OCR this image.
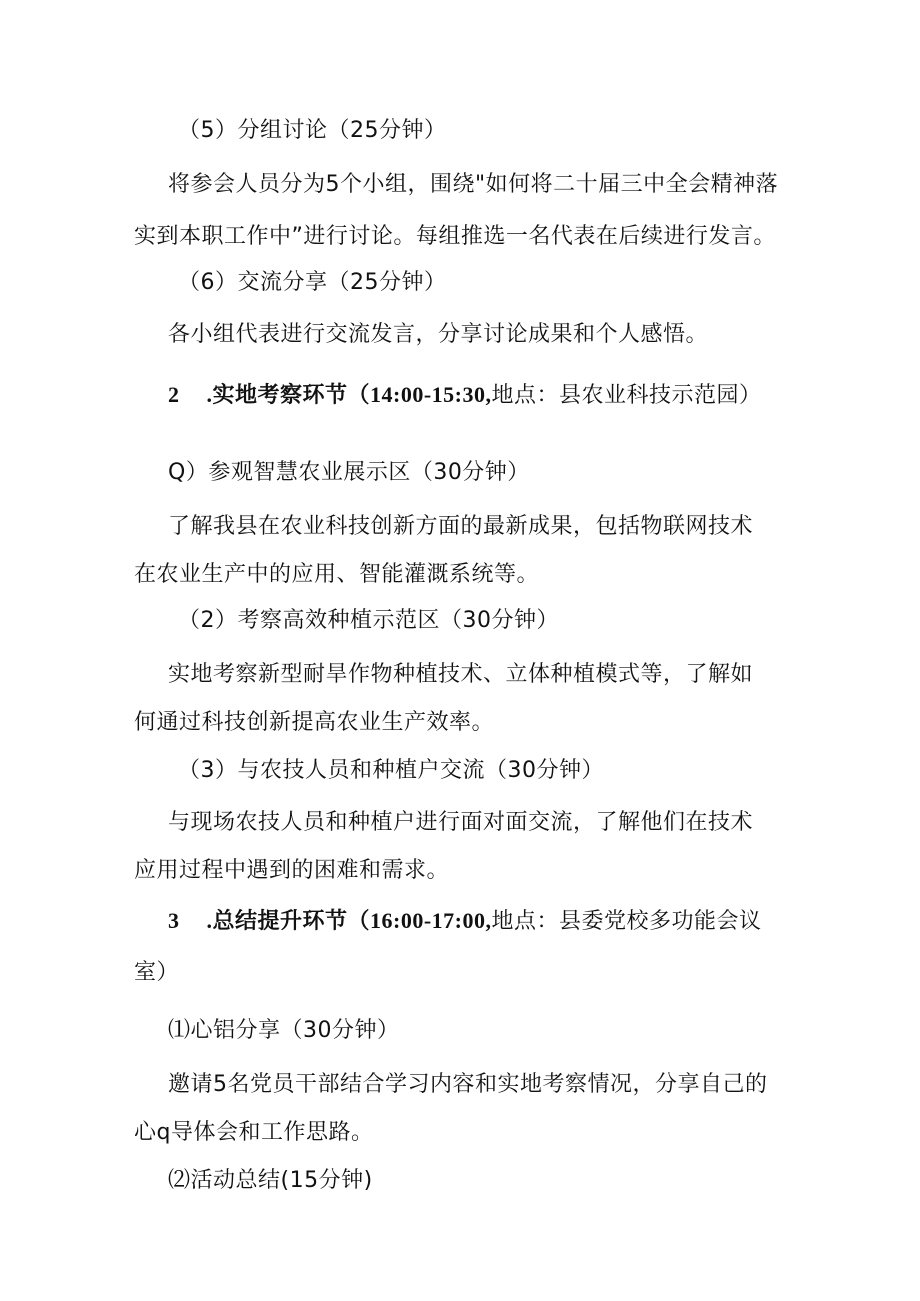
（5）分组讨论（25分钟）
将参会人员分为5个小组，围绕"如何将二十届三中全会精神落
实到本职工作中”进行讨论。每组推选一名代表在后续进行发言。
（6）交流分享（25分钟）
各小组代表进行交流发言，分享讨论成果和个人感悟。
2 .实地考察环节（14:00-15:30,地点：县农业科技示范园）
Q）参观智慧农业展示区（30分钟）
了解我县在农业科技创新方面的最新成果，包括物联网技术
在农业生产中的应用、智能灌溉系统等。
（2）考察高效种植示范区（30分钟）
实地考察新型耐旱作物种植技术、立体种植模式等，了解如
何通过科技创新提高农业生产效率。
（3）与农技人员和种植户交流（30分钟）
与现场农技人员和种植户进行面对面交流，了解他们在技术
应用过程中遇到的困难和需求。
3 .总结提升环节（16:00-17:00,地点：县委党校多功能会议
室）
⑴心铝分享（30分钟）
邀请5名党员干部结合学习内容和实地考察情况，分享自己的
心q导体会和工作思路。
⑵活动总结(15分钟)
